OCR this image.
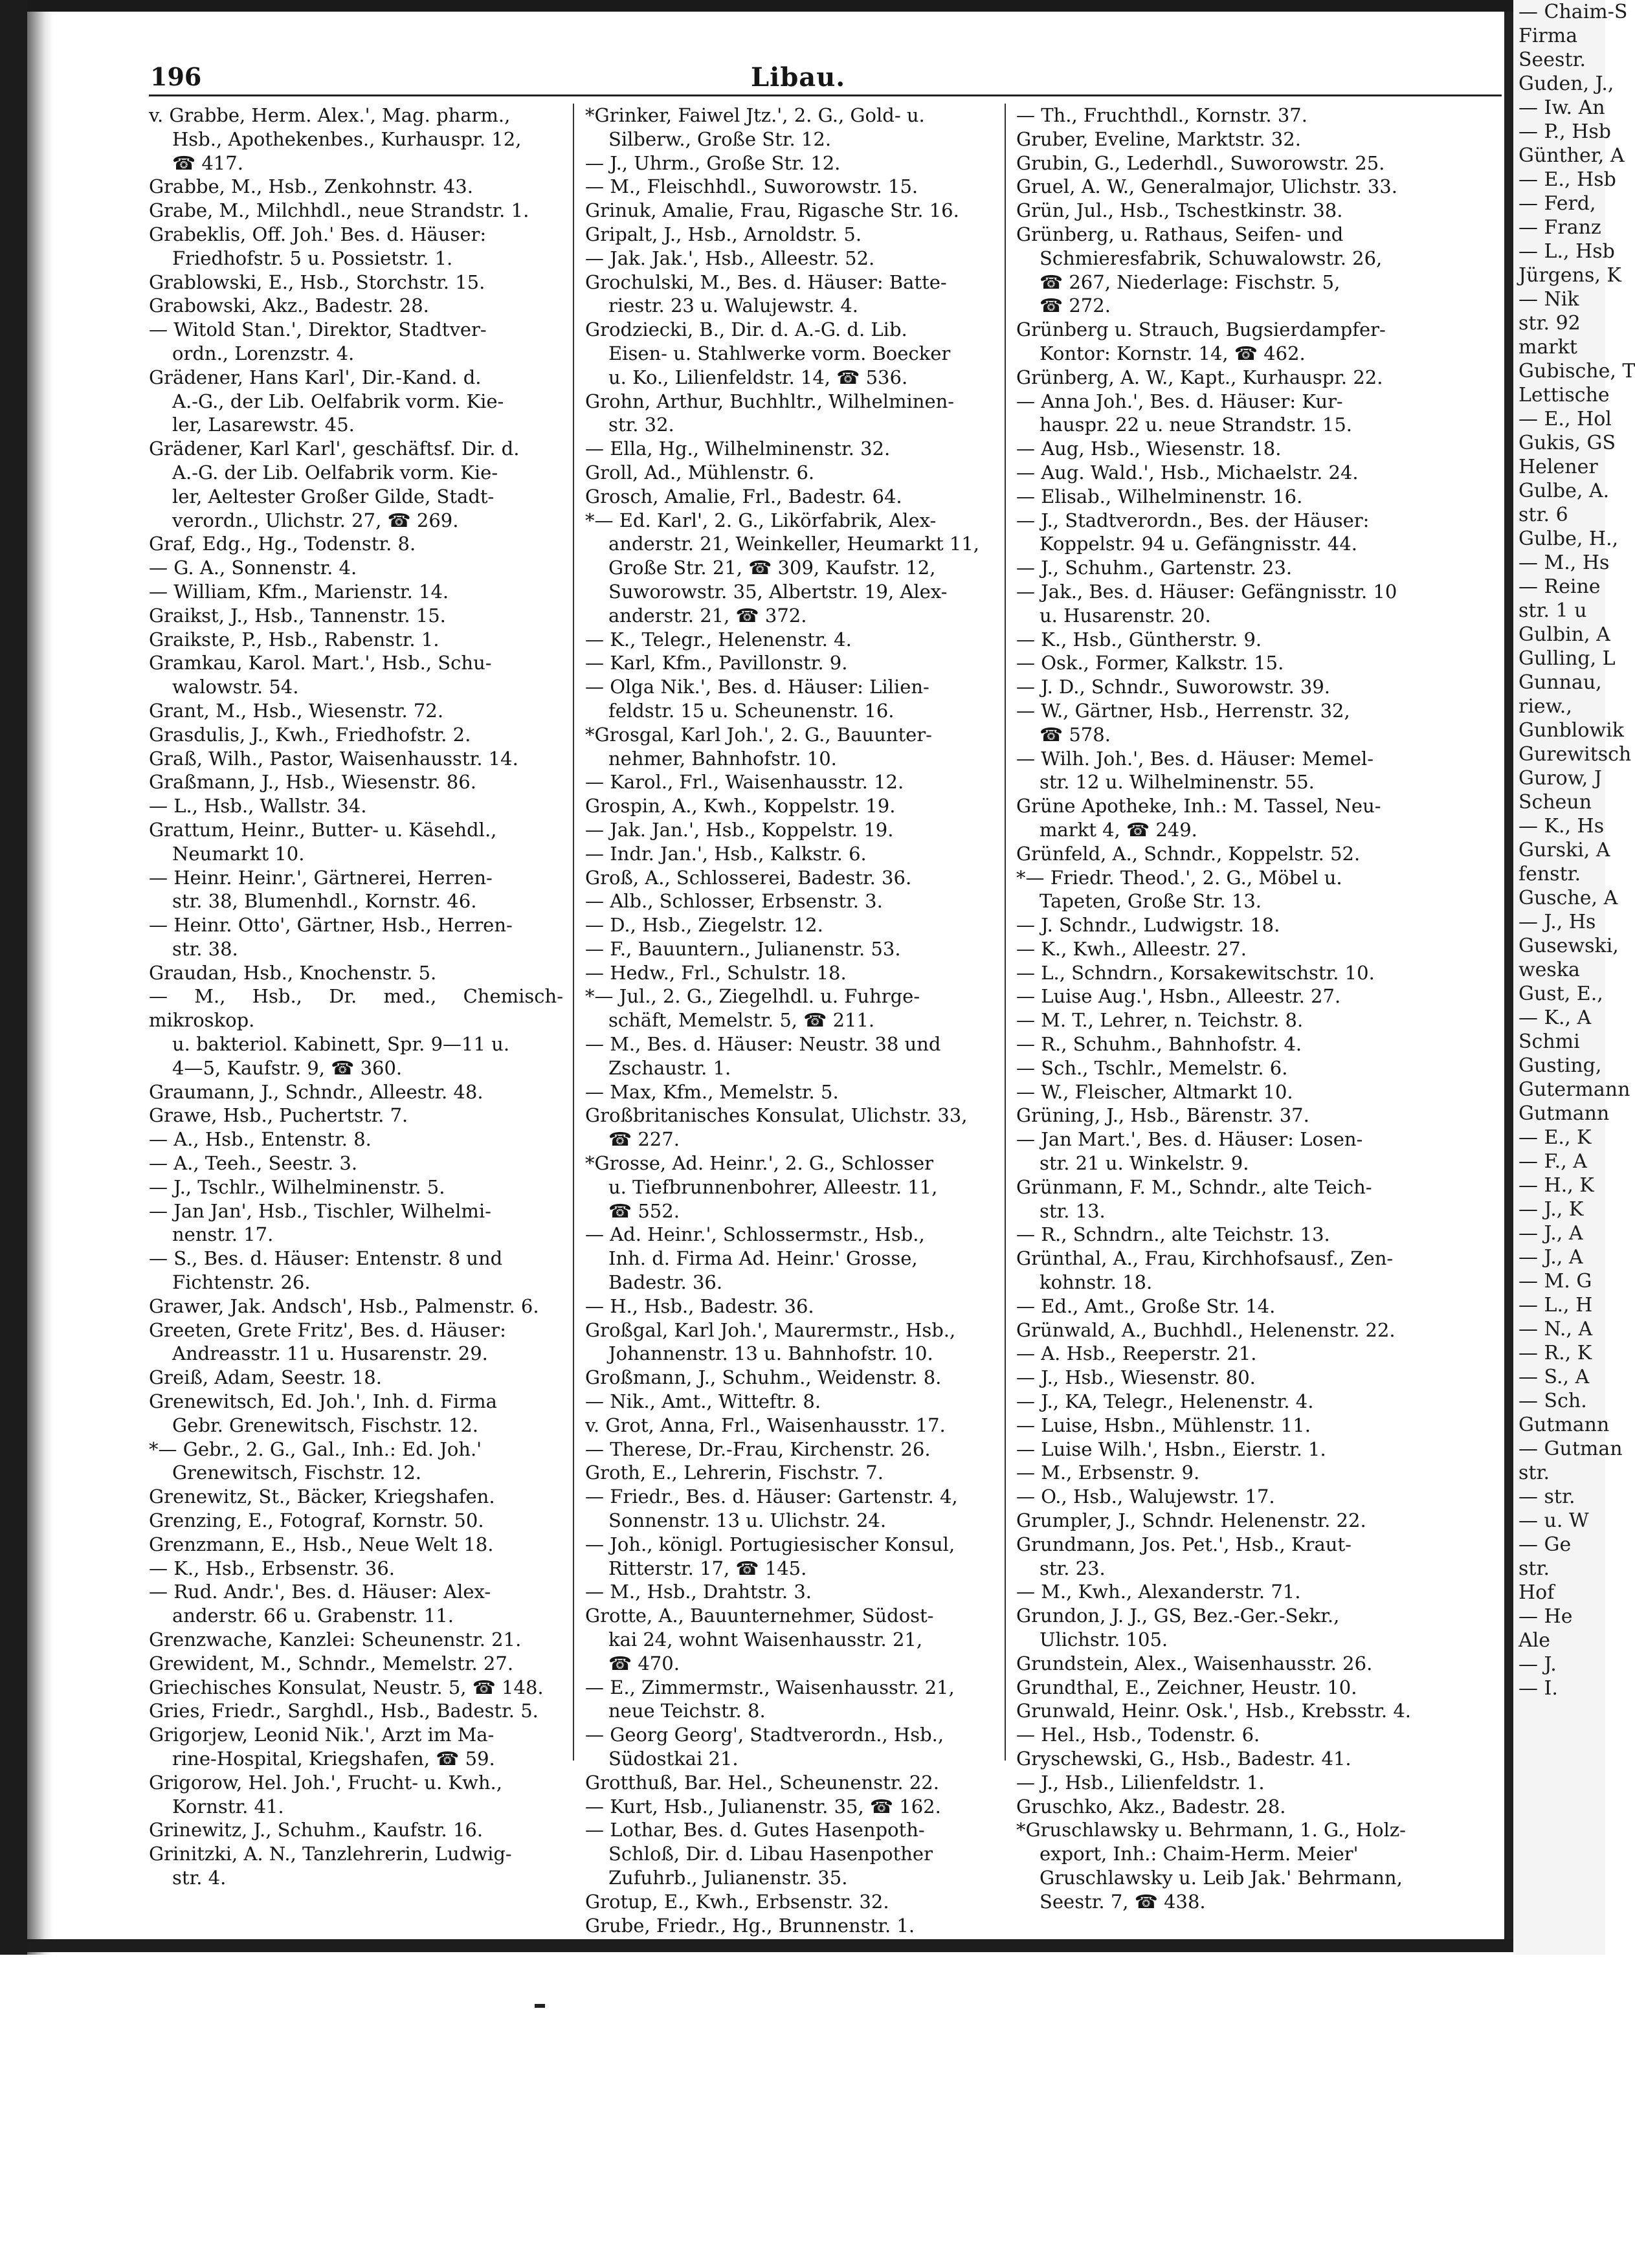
— Chaim-S
Firma
Seestr.
Guden, J.,
— Iw. An
— P., Hsb
Günther, A
— E., Hsb
— Ferd,
— Franz
— L., Hsb
Jürgens, K
— Nik
str. 92
markt
Gubische, T
Lettische
— E., Hol
Gukis, GS
Helener
Gulbe, A.
str. 6
Gulbe, H.,
— M., Hs
— Reine
str. 1 u
Gulbin, A
Gulling, L
Gunnau,
riew.,
Gunblowik
Gurewitsch
Gurow, J
Scheun
— K., Hs
Gurski, A
fenstr.
Gusche, A
— J., Hs
Gusewski,
weska
Gust, E.,
— K., A
Schmi
Gusting,
Gutermann
Gutmann
— E., K
— F., A
— H., K
— J., K
— J., A
— J., A
— M. G
— L., H
— N., A
— R., K
— S., A
— Sch.
Gutmann
— Gutman
str.
— str.
— u. W
— Ge
str.
Hof
— He
Ale
— J.
— I.
196	Libau.

v. Grabbe, Herm. Alex.', Mag. pharm.,
Hsb., Apothekenbes., Kurhauspr. 12,
☎ 417.

Grabbe, M., Hsb., Zenkohnstr. 43.

Grabe, M., Milchhdl., neue Strandstr. 1.

Grabeklis, Off. Joh.' Bes. d. Häuser:
Friedhofstr. 5 u. Possietstr. 1.

Grablowski, E., Hsb., Storchstr. 15.

Grabowski, Akz., Badestr. 28.

— Witold Stan.', Direktor, Stadtver-
ordn., Lorenzstr. 4.

Grädener, Hans Karl', Dir.-Kand. d.
A.-G., der Lib. Oelfabrik vorm. Kie-
ler, Lasarewstr. 45.

Grädener, Karl Karl', geschäftsf. Dir. d.
A.-G. der Lib. Oelfabrik vorm. Kie-
ler, Aeltester Großer Gilde, Stadt-
verordn., Ulichstr. 27, ☎ 269.

Graf, Edg., Hg., Todenstr. 8.

— G. A., Sonnenstr. 4.

— William, Kfm., Marienstr. 14.

Graikst, J., Hsb., Tannenstr. 15.

Graikste, P., Hsb., Rabenstr. 1.

Gramkau, Karol. Mart.', Hsb., Schu-
walowstr. 54.

Grant, M., Hsb., Wiesenstr. 72.

Grasdulis, J., Kwh., Friedhofstr. 2.

Graß, Wilh., Pastor, Waisenhausstr. 14.

Graßmann, J., Hsb., Wiesenstr. 86.

— L., Hsb., Wallstr. 34.

Grattum, Heinr., Butter- u. Käsehdl.,
Neumarkt 10.

— Heinr. Heinr.', Gärtnerei, Herren-
str. 38, Blumenhdl., Kornstr. 46.

— Heinr. Otto', Gärtner, Hsb., Herren-
str. 38.

Graudan, Hsb., Knochenstr. 5.

— M., Hsb., Dr. med., Chemisch-mikroskop.
u. bakteriol. Kabinett, Spr. 9—11 u.
4—5, Kaufstr. 9, ☎ 360.

Graumann, J., Schndr., Alleestr. 48.

Grawe, Hsb., Puchertstr. 7.

— A., Hsb., Entenstr. 8.

— A., Teeh., Seestr. 3.

— J., Tschlr., Wilhelminenstr. 5.

— Jan Jan', Hsb., Tischler, Wilhelmi-
nenstr. 17.

— S., Bes. d. Häuser: Entenstr. 8 und
Fichtenstr. 26.

Grawer, Jak. Andsch', Hsb., Palmenstr. 6.

Greeten, Grete Fritz', Bes. d. Häuser:
Andreasstr. 11 u. Husarenstr. 29.

Greiß, Adam, Seestr. 18.

Grenewitsch, Ed. Joh.', Inh. d. Firma
Gebr. Grenewitsch, Fischstr. 12.

*— Gebr., 2. G., Gal., Inh.: Ed. Joh.'
Grenewitsch, Fischstr. 12.

Grenewitz, St., Bäcker, Kriegshafen.

Grenzing, E., Fotograf, Kornstr. 50.

Grenzmann, E., Hsb., Neue Welt 18.

— K., Hsb., Erbsenstr. 36.

— Rud. Andr.', Bes. d. Häuser: Alex-
anderstr. 66 u. Grabenstr. 11.

Grenzwache, Kanzlei: Scheunenstr. 21.

Grewident, M., Schndr., Memelstr. 27.

Griechisches Konsulat, Neustr. 5, ☎ 148.

Gries, Friedr., Sarghdl., Hsb., Badestr. 5.

Grigorjew, Leonid Nik.', Arzt im Ma-
rine-Hospital, Kriegshafen, ☎ 59.

Grigorow, Hel. Joh.', Frucht- u. Kwh.,
Kornstr. 41.

Grinewitz, J., Schuhm., Kaufstr. 16.

Grinitzki, A. N., Tanzlehrerin, Ludwig-
str. 4.

*Grinker, Faiwel Jtz.', 2. G., Gold- u.
Silberw., Große Str. 12.

— J., Uhrm., Große Str. 12.

— M., Fleischhdl., Suworowstr. 15.

Grinuk, Amalie, Frau, Rigasche Str. 16.

Gripalt, J., Hsb., Arnoldstr. 5.

— Jak. Jak.', Hsb., Alleestr. 52.

Grochulski, M., Bes. d. Häuser: Batte-
riestr. 23 u. Walujewstr. 4.

Grodziecki, B., Dir. d. A.-G. d. Lib.
Eisen- u. Stahlwerke vorm. Boecker
u. Ko., Lilienfeldstr. 14, ☎ 536.

Grohn, Arthur, Buchhltr., Wilhelminen-
str. 32.

— Ella, Hg., Wilhelminenstr. 32.

Groll, Ad., Mühlenstr. 6.

Grosch, Amalie, Frl., Badestr. 64.

*— Ed. Karl', 2. G., Likörfabrik, Alex-
anderstr. 21, Weinkeller, Heumarkt 11,
Große Str. 21, ☎ 309, Kaufstr. 12,
Suworowstr. 35, Albertstr. 19, Alex-
anderstr. 21, ☎ 372.

— K., Telegr., Helenenstr. 4.

— Karl, Kfm., Pavillonstr. 9.

— Olga Nik.', Bes. d. Häuser: Lilien-
feldstr. 15 u. Scheunenstr. 16.

*Grosgal, Karl Joh.', 2. G., Bauunter-
nehmer, Bahnhofstr. 10.

— Karol., Frl., Waisenhausstr. 12.

Grospin, A., Kwh., Koppelstr. 19.

— Jak. Jan.', Hsb., Koppelstr. 19.

— Indr. Jan.', Hsb., Kalkstr. 6.

Groß, A., Schlosserei, Badestr. 36.

— Alb., Schlosser, Erbsenstr. 3.

— D., Hsb., Ziegelstr. 12.

— F., Bauuntern., Julianenstr. 53.

— Hedw., Frl., Schulstr. 18.

*— Jul., 2. G., Ziegelhdl. u. Fuhrge-
schäft, Memelstr. 5, ☎ 211.

— M., Bes. d. Häuser: Neustr. 38 und
Zschaustr. 1.

— Max, Kfm., Memelstr. 5.

Großbritanisches Konsulat, Ulichstr. 33,
☎ 227.

*Grosse, Ad. Heinr.', 2. G., Schlosser
u. Tiefbrunnenbohrer, Alleestr. 11,
☎ 552.

— Ad. Heinr.', Schlossermstr., Hsb.,
Inh. d. Firma Ad. Heinr.' Grosse,
Badestr. 36.

— H., Hsb., Badestr. 36.

Großgal, Karl Joh.', Maurermstr., Hsb.,
Johannenstr. 13 u. Bahnhofstr. 10.

Großmann, J., Schuhm., Weidenstr. 8.

— Nik., Amt., Witteftr. 8.

v. Grot, Anna, Frl., Waisenhausstr. 17.

— Therese, Dr.-Frau, Kirchenstr. 26.

Groth, E., Lehrerin, Fischstr. 7.

— Friedr., Bes. d. Häuser: Gartenstr. 4,
Sonnenstr. 13 u. Ulichstr. 24.

— Joh., königl. Portugiesischer Konsul,
Ritterstr. 17, ☎ 145.

— M., Hsb., Drahtstr. 3.

Grotte, A., Bauunternehmer, Südost-
kai 24, wohnt Waisenhausstr. 21,
☎ 470.

— E., Zimmermstr., Waisenhausstr. 21,
neue Teichstr. 8.

— Georg Georg', Stadtverordn., Hsb.,
Südostkai 21.

Grotthuß, Bar. Hel., Scheunenstr. 22.

— Kurt, Hsb., Julianenstr. 35, ☎ 162.

— Lothar, Bes. d. Gutes Hasenpoth-
Schloß, Dir. d. Libau Hasenpother
Zufuhrb., Julianenstr. 35.

Grotup, E., Kwh., Erbsenstr. 32.

Grube, Friedr., Hg., Brunnenstr. 1.

— Th., Fruchthdl., Kornstr. 37.

Gruber, Eveline, Marktstr. 32.

Grubin, G., Lederhdl., Suworowstr. 25.

Gruel, A. W., Generalmajor, Ulichstr. 33.

Grün, Jul., Hsb., Tschestkinstr. 38.

Grünberg, u. Rathaus, Seifen- und
Schmieresfabrik, Schuwalowstr. 26,
☎ 267, Niederlage: Fischstr. 5,
☎ 272.

Grünberg u. Strauch, Bugsierdampfer-
Kontor: Kornstr. 14, ☎ 462.

Grünberg, A. W., Kapt., Kurhauspr. 22.

— Anna Joh.', Bes. d. Häuser: Kur-
hauspr. 22 u. neue Strandstr. 15.

— Aug, Hsb., Wiesenstr. 18.

— Aug. Wald.', Hsb., Michaelstr. 24.

— Elisab., Wilhelminenstr. 16.

— J., Stadtverordn., Bes. der Häuser:
Koppelstr. 94 u. Gefängnisstr. 44.

— J., Schuhm., Gartenstr. 23.

— Jak., Bes. d. Häuser: Gefängnisstr. 10
u. Husarenstr. 20.

— K., Hsb., Güntherstr. 9.

— Osk., Former, Kalkstr. 15.

— J. D., Schndr., Suworowstr. 39.

— W., Gärtner, Hsb., Herrenstr. 32,
☎ 578.

— Wilh. Joh.', Bes. d. Häuser: Memel-
str. 12 u. Wilhelminenstr. 55.

Grüne Apotheke, Inh.: M. Tassel, Neu-
markt 4, ☎ 249.

Grünfeld, A., Schndr., Koppelstr. 52.

*— Friedr. Theod.', 2. G., Möbel u.
Tapeten, Große Str. 13.

— J. Schndr., Ludwigstr. 18.

— K., Kwh., Alleestr. 27.

— L., Schndrn., Korsakewitschstr. 10.

— Luise Aug.', Hsbn., Alleestr. 27.

— M. T., Lehrer, n. Teichstr. 8.

— R., Schuhm., Bahnhofstr. 4.

— Sch., Tschlr., Memelstr. 6.

— W., Fleischer, Altmarkt 10.

Grüning, J., Hsb., Bärenstr. 37.

— Jan Mart.', Bes. d. Häuser: Losen-
str. 21 u. Winkelstr. 9.

Grünmann, F. M., Schndr., alte Teich-
str. 13.

— R., Schndrn., alte Teichstr. 13.

Grünthal, A., Frau, Kirchhofsausf., Zen-
kohnstr. 18.

— Ed., Amt., Große Str. 14.

Grünwald, A., Buchhdl., Helenenstr. 22.

— A. Hsb., Reeperstr. 21.

— J., Hsb., Wiesenstr. 80.

— J., KA, Telegr., Helenenstr. 4.

— Luise, Hsbn., Mühlenstr. 11.

— Luise Wilh.', Hsbn., Eierstr. 1.

— M., Erbsenstr. 9.

— O., Hsb., Walujewstr. 17.

Grumpler, J., Schndr. Helenenstr. 22.

Grundmann, Jos. Pet.', Hsb., Kraut-
str. 23.

— M., Kwh., Alexanderstr. 71.

Grundon, J. J., GS, Bez.-Ger.-Sekr.,
Ulichstr. 105.

Grundstein, Alex., Waisenhausstr. 26.

Grundthal, E., Zeichner, Heustr. 10.

Grunwald, Heinr. Osk.', Hsb., Krebsstr. 4.

— Hel., Hsb., Todenstr. 6.

Gryschewski, G., Hsb., Badestr. 41.

— J., Hsb., Lilienfeldstr. 1.

Gruschko, Akz., Badestr. 28.

*Gruschlawsky u. Behrmann, 1. G., Holz-
export, Inh.: Chaim-Herm. Meier'
Gruschlawsky u. Leib Jak.' Behrmann,
Seestr. 7, ☎ 438.
